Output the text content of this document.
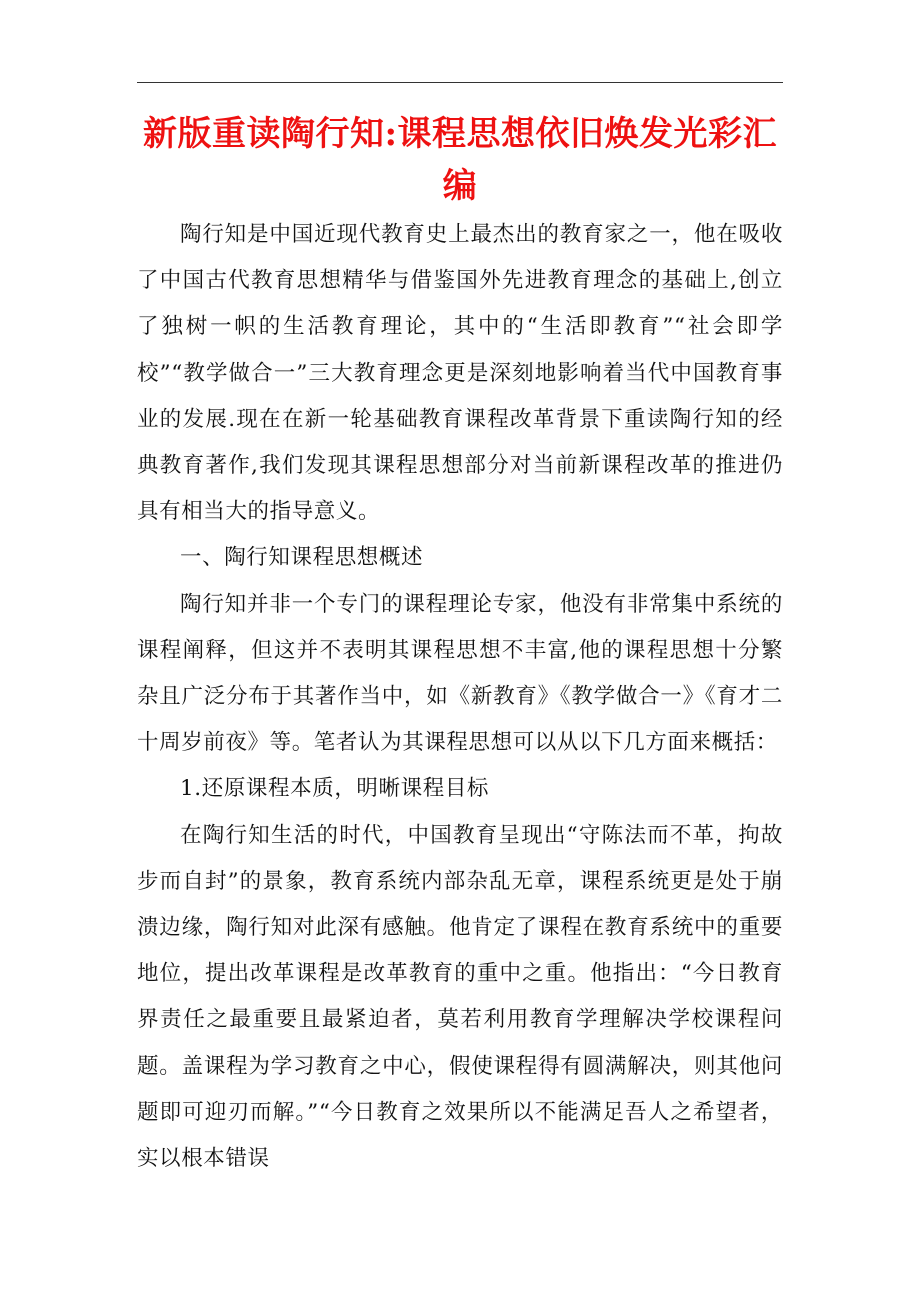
新版重读陶行知:课程思想依旧焕发光彩汇编

陶行知是中国近现代教育史上最杰出的教育家之一，他在吸收了中国古代教育思想精华与借鉴国外先进教育理念的基础上,创立了独树一帜的生活教育理论，其中的“生活即教育”“社会即学校”“教学做合一”三大教育理念更是深刻地影响着当代中国教育事业的发展.现在在新一轮基础教育课程改革背景下重读陶行知的经典教育著作,我们发现其课程思想部分对当前新课程改革的推进仍具有相当大的指导意义。

一、陶行知课程思想概述

陶行知并非一个专门的课程理论专家，他没有非常集中系统的课程阐释，但这并不表明其课程思想不丰富,他的课程思想十分繁杂且广泛分布于其著作当中，如《新教育》《教学做合一》《育才二十周岁前夜》等。笔者认为其课程思想可以从以下几方面来概括：

1.还原课程本质，明晰课程目标

在陶行知生活的时代，中国教育呈现出“守陈法而不革，拘故步而自封”的景象，教育系统内部杂乱无章，课程系统更是处于崩溃边缘，陶行知对此深有感触。他肯定了课程在教育系统中的重要地位，提出改革课程是改革教育的重中之重。他指出：“今日教育界责任之最重要且最紧迫者，莫若利用教育学理解决学校课程问题。盖课程为学习教育之中心，假使课程得有圆满解决，则其他问题即可迎刃而解。”“今日教育之效果所以不能满足吾人之希望者，实以根本错误
